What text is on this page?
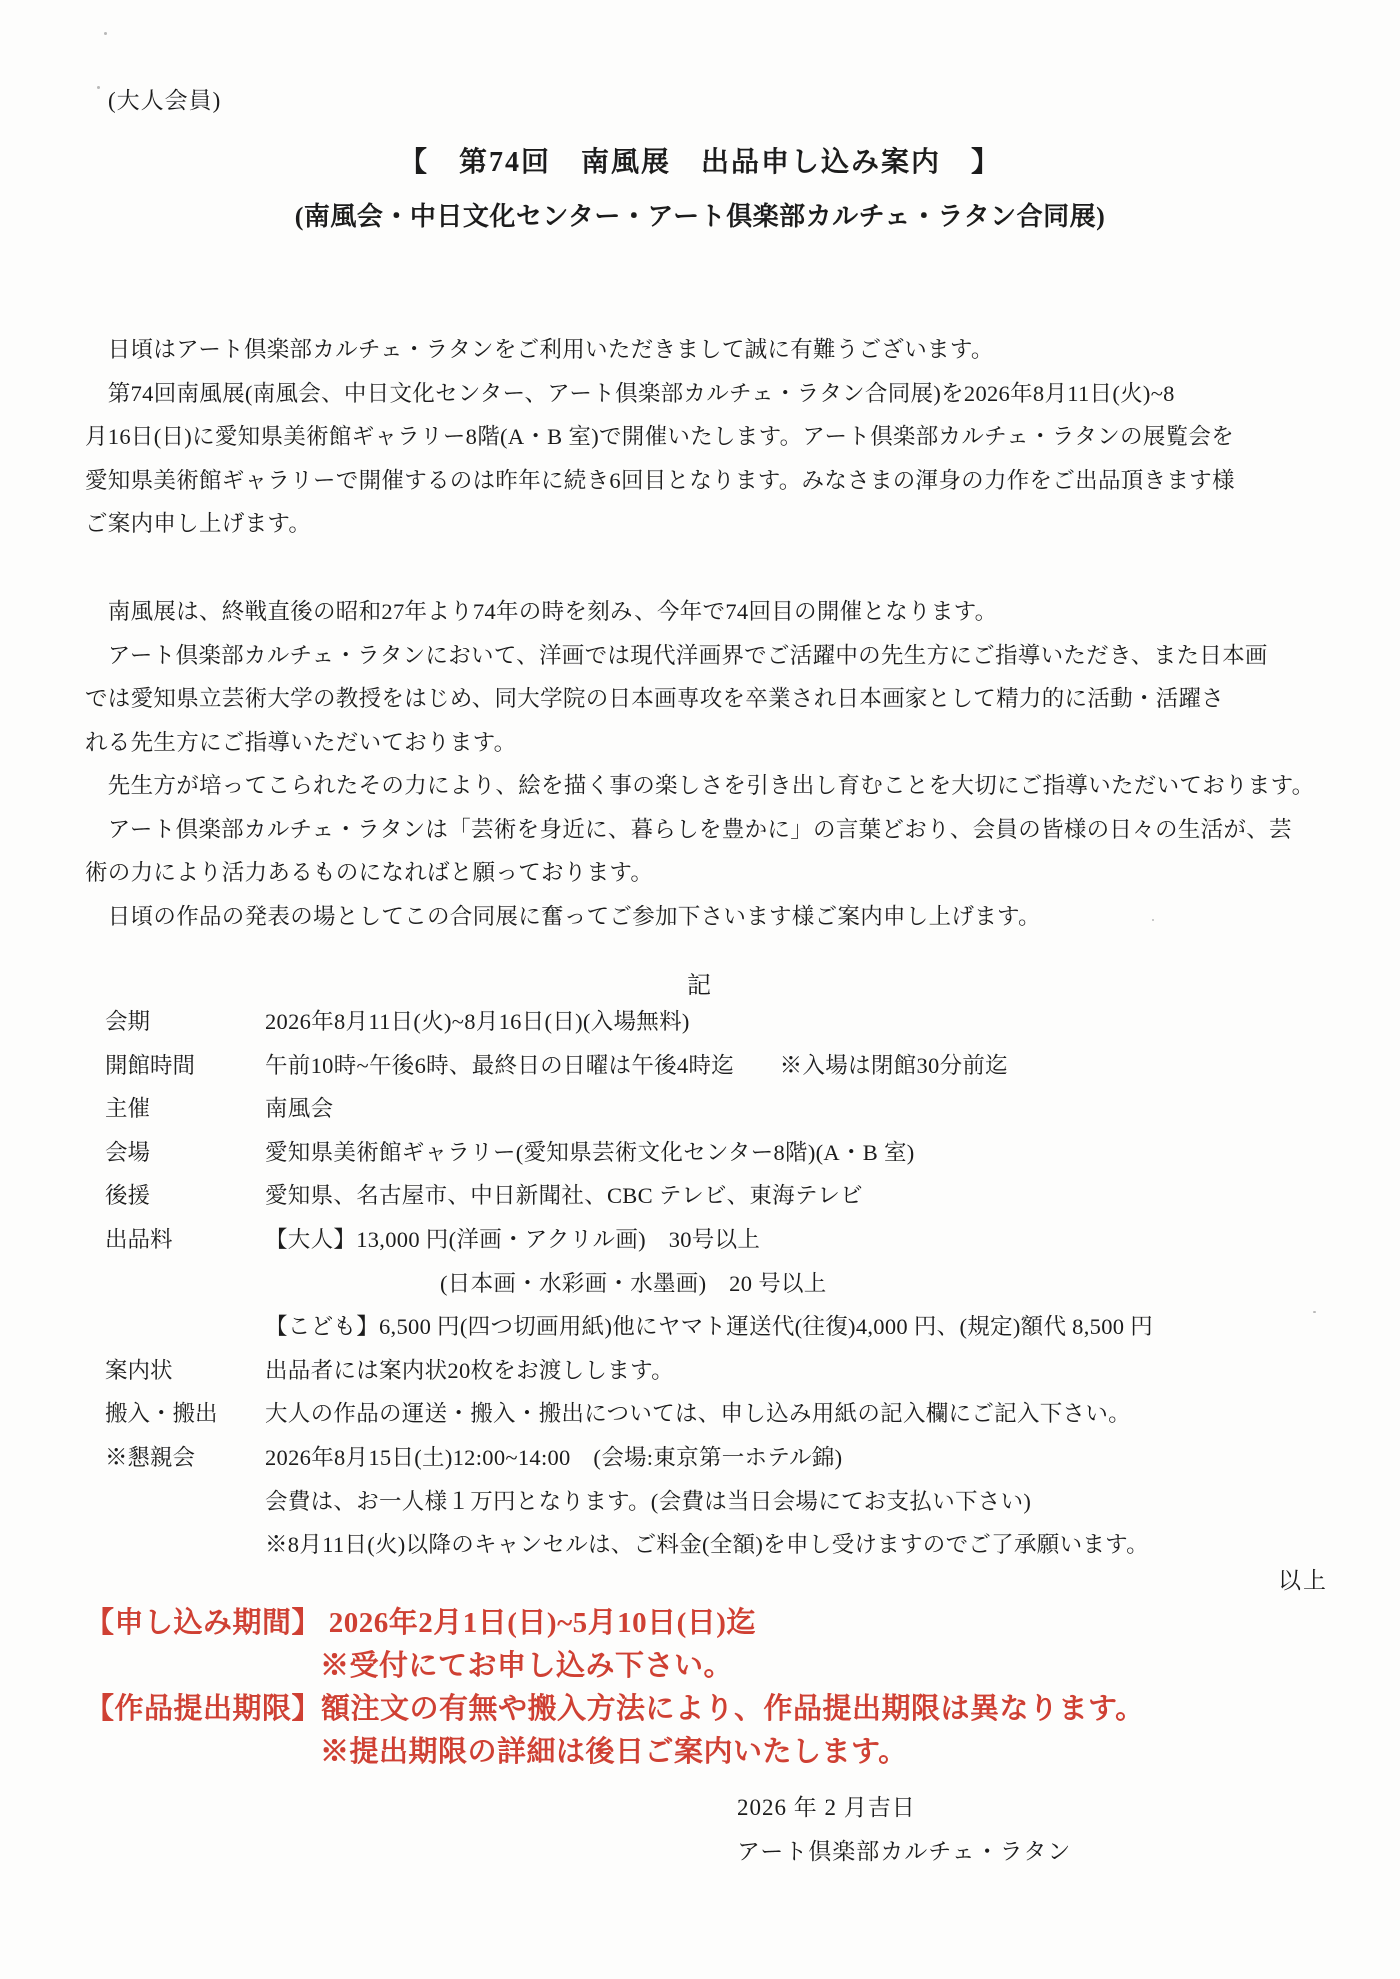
(大人会員)
【　第74回　南風展　出品申し込み案内　】
(南風会・中日文化センター・アート倶楽部カルチェ・ラタン合同展)
　日頃はアート倶楽部カルチェ・ラタンをご利用いただきまして誠に有難うございます。
　第74回南風展(南風会、中日文化センター、アート倶楽部カルチェ・ラタン合同展)を2026年8月11日(火)~8
月16日(日)に愛知県美術館ギャラリー8階(A・B 室)で開催いたします。アート倶楽部カルチェ・ラタンの展覧会を
愛知県美術館ギャラリーで開催するのは昨年に続き6回目となります。みなさまの渾身の力作をご出品頂きます様
ご案内申し上げます。
　南風展は、終戦直後の昭和27年より74年の時を刻み、今年で74回目の開催となります。
　アート倶楽部カルチェ・ラタンにおいて、洋画では現代洋画界でご活躍中の先生方にご指導いただき、また日本画
では愛知県立芸術大学の教授をはじめ、同大学院の日本画専攻を卒業され日本画家として精力的に活動・活躍さ
れる先生方にご指導いただいております。
　先生方が培ってこられたその力により、絵を描く事の楽しさを引き出し育むことを大切にご指導いただいております。
　アート倶楽部カルチェ・ラタンは「芸術を身近に、暮らしを豊かに」の言葉どおり、会員の皆様の日々の生活が、芸
術の力により活力あるものになればと願っております。
　日頃の作品の発表の場としてこの合同展に奮ってご参加下さいます様ご案内申し上げます。
記
会期	2026年8月11日(火)~8月16日(日)(入場無料)
開館時間	午前10時~午後6時、最終日の日曜は午後4時迄　　※入場は閉館30分前迄
主催	南風会
会場	愛知県美術館ギャラリー(愛知県芸術文化センター8階)(A・B 室)
後援	愛知県、名古屋市、中日新聞社、CBC テレビ、東海テレビ
出品料	【大人】13,000 円(洋画・アクリル画)　30号以上
(日本画・水彩画・水墨画)　20 号以上
【こども】6,500 円(四つ切画用紙)他にヤマト運送代(往復)4,000 円、(規定)額代 8,500 円
案内状	出品者には案内状20枚をお渡しします。
搬入・搬出	大人の作品の運送・搬入・搬出については、申し込み用紙の記入欄にご記入下さい。
※懇親会	2026年8月15日(土)12:00~14:00　(会場:東京第一ホテル錦)
会費は、お一人様１万円となります。(会費は当日会場にてお支払い下さい)
※8月11日(火)以降のキャンセルは、ご料金(全額)を申し受けますのでご了承願います。
以上
【申し込み期間】 2026年2月1日(日)~5月10日(日)迄
※受付にてお申し込み下さい。
【作品提出期限】額注文の有無や搬入方法により、作品提出期限は異なります。
※提出期限の詳細は後日ご案内いたします。
2026 年 2 月吉日
アート倶楽部カルチェ・ラタン
